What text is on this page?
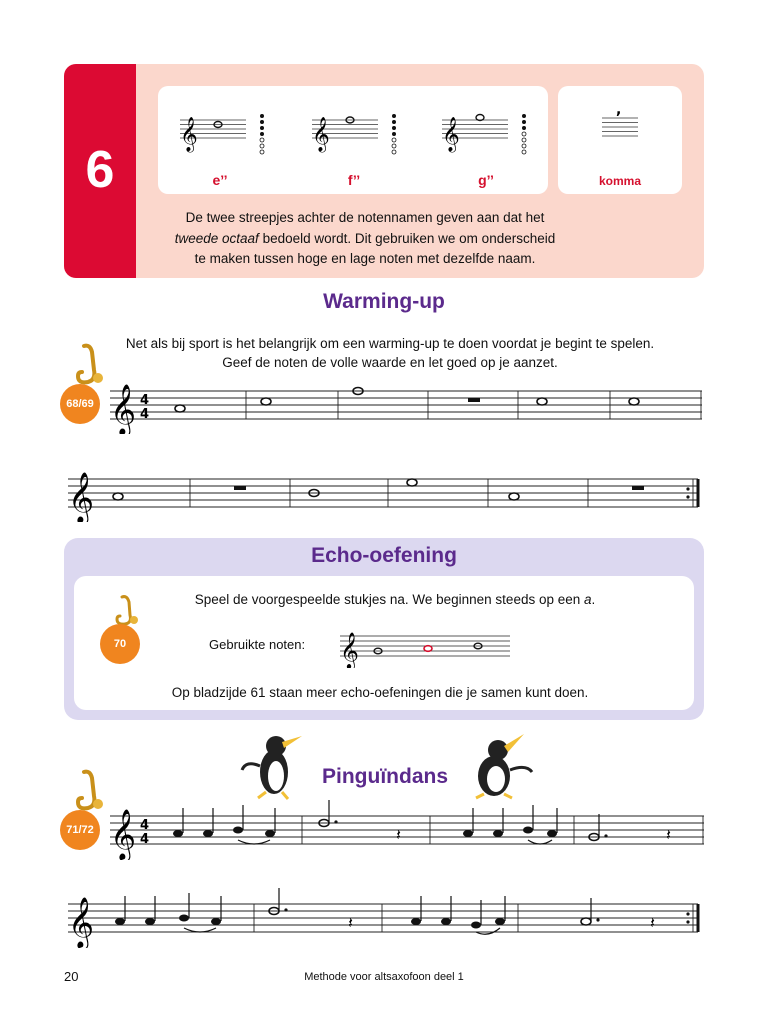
6
𝄞	𝄞	𝄞
e’’	f’’	g’’
,
komma
De twee streepjes achter de notennamen geven aan dat het
tweede octaaf bedoeld wordt. Dit gebruiken we om onderscheid
te maken tussen hoge en lage noten met dezelfde naam.
Warming-up
Net als bij sport is het belangrijk om een warming-up te doen voordat je begint te spelen.
Geef de noten de volle waarde en let goed op je aanzet.
68/69 𝄞 4
4
𝄞
Echo-oefening
Speel de voorgespeelde stukjes na. We beginnen steeds op een a.
70	Gebruikte noten: 𝄞
Op bladzijde 61 staan meer echo-oefeningen die je samen kunt doen.
Pinguïndans
71/72 𝄞 4
4	𝄽	𝄽
𝄞	𝄽	𝄽
20	Methode voor altsaxofoon deel 1
